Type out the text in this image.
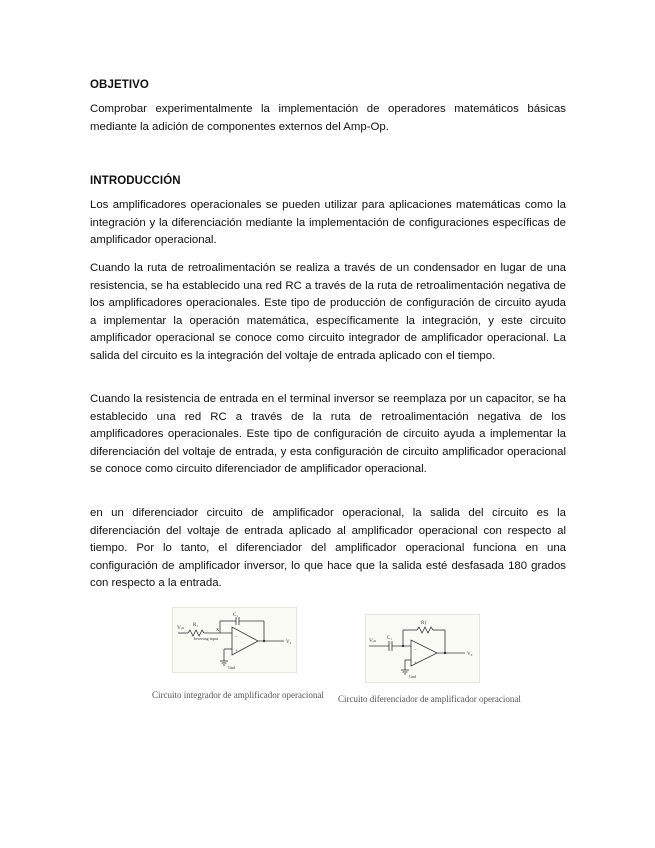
OBJETIVO

Comprobar experimentalmente la implementación de operadores matemáticos básicas mediante la adición de componentes externos del Amp-Op.

INTRODUCCIÓN

Los amplificadores operacionales se pueden utilizar para aplicaciones matemáticas como la integración y la diferenciación mediante la implementación de configuraciones específicas de amplificador operacional.

Cuando la ruta de retroalimentación se realiza a través de un condensador en lugar de una resistencia, se ha establecido una red RC a través de la ruta de retroalimentación negativa de los amplificadores operacionales. Este tipo de producción de configuración de circuito ayuda a implementar la operación matemática, específicamente la integración, y este circuito amplificador operacional se conoce como circuito integrador de amplificador operacional. La salida del circuito es la integración del voltaje de entrada aplicado con el tiempo.

Cuando la resistencia de entrada en el terminal inversor se reemplaza por un capacitor, se ha establecido una red RC a través de la ruta de retroalimentación negativa de los amplificadores operacionales. Este tipo de configuración de circuito ayuda a implementar la diferenciación del voltaje de entrada, y esta configuración de circuito amplificador operacional se conoce como circuito diferenciador de amplificador operacional.

en un diferenciador circuito de amplificador operacional, la salida del circuito es la diferenciación del voltaje de entrada aplicado al amplificador operacional con respecto al tiempo. Por lo tanto, el diferenciador del amplificador operacional funciona en una configuración de amplificador inversor, lo que hace que la salida esté desfasada 180 grados con respecto a la entrada.

Vᵢₙ R₁
C₁
Inverting input
X
V₀
Gnd
−
+
Circuito integrador de amplificador operacional
Vᵢₙ C₁
Rƒ
V₀
Gnd
−
+
Circuito diferenciador de amplificador operacional
